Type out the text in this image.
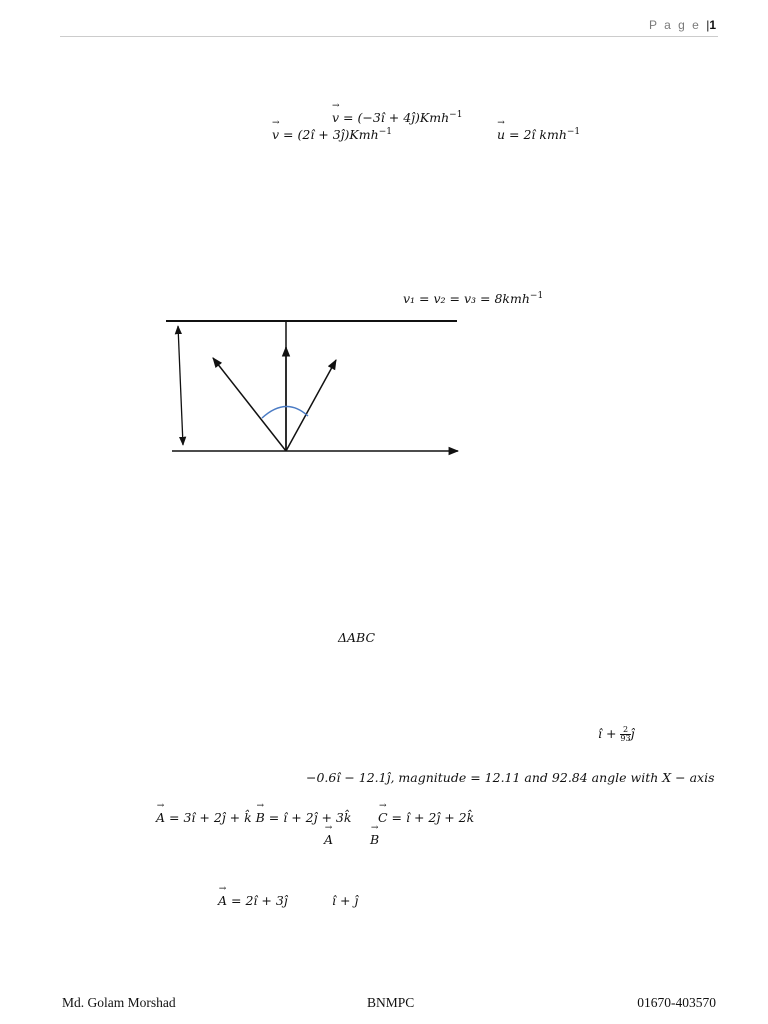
P a g e |1
→ v = (−3î + 4ĵ)Kmh$^{-1}$
→ v = (2î + 3ĵ)Kmh$^{-1}$	→ u = 2î kmh$^{-1}$
v₁ = v₂ = v₃ = 8kmh$^{-1}$
ΔABC
î + $\frac{2}{93}$ ĵ
−0.6î − 12.1ĵ, magnitude = 12.11 and 92.84 angle with X − axis
→ A = 3î + 2ĵ + k̂ → B = î + 2ĵ + 3k̂ → C = î + 2ĵ + 2k̂
→ A	→ B
→ A = 2î + 3ĵ	î + ĵ
Md. Golam Morshad	BNMPC	01670-403570
